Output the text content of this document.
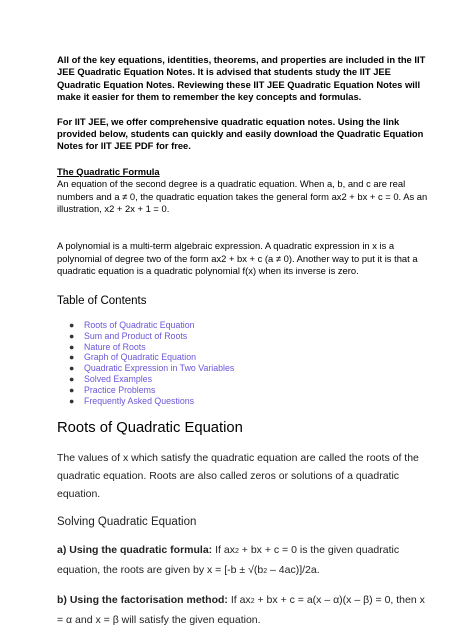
All of the key equations, identities, theorems, and properties are included in the IIT JEE Quadratic Equation Notes. It is advised that students study the IIT JEE Quadratic Equation Notes. Reviewing these IIT JEE Quadratic Equation Notes will make it easier for them to remember the key concepts and formulas.

For IIT JEE, we offer comprehensive quadratic equation notes. Using the link provided below, students can quickly and easily download the Quadratic Equation Notes for IIT JEE PDF for free.

The Quadratic Formula

An equation of the second degree is a quadratic equation. When a, b, and c are real numbers and a ≠ 0, the quadratic equation takes the general form ax2 + bx + c = 0. As an illustration, x2 + 2x + 1 = 0.

A polynomial is a multi-term algebraic expression. A quadratic expression in x is a polynomial of degree two of the form ax2 + bx + c (a ≠ 0). Another way to put it is that a quadratic equation is a quadratic polynomial f(x) when its inverse is zero.

Table of Contents

● Roots of Quadratic Equation
● Sum and Product of Roots
● Nature of Roots
● Graph of Quadratic Equation
● Quadratic Expression in Two Variables
● Solved Examples
● Practice Problems
● Frequently Asked Questions

Roots of Quadratic Equation

The values of x which satisfy the quadratic equation are called the roots of the quadratic equation. Roots are also called zeros or solutions of a quadratic equation.

Solving Quadratic Equation

a) Using the quadratic formula: If ax2 + bx + c = 0 is the given quadratic equation, the roots are given by x = [-b ± √(b2 – 4ac)]/2a.

b) Using the factorisation method: If ax2 + bx + c = a(x – α)(x – β) = 0, then x = α and x = β will satisfy the given equation.
